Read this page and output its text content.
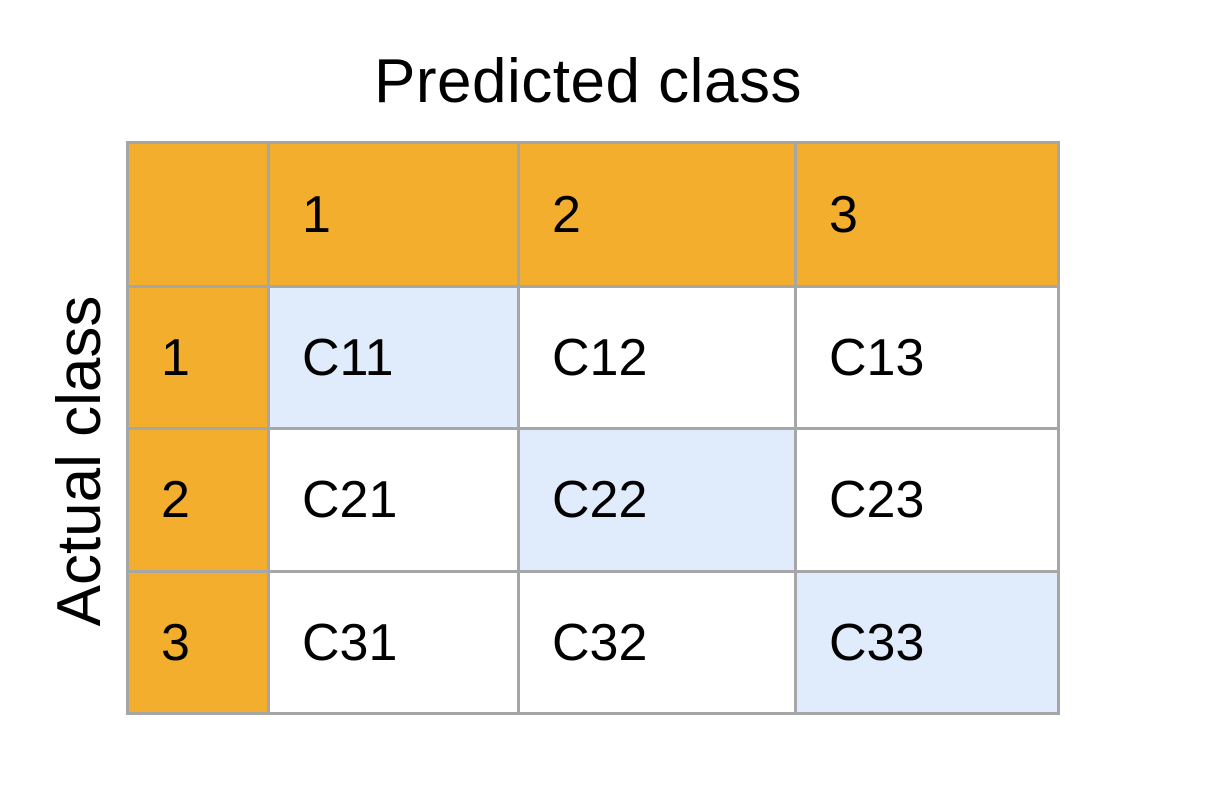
Predicted class
Actual class
	1	2	3
1	C11	C12	C13
2	C21	C22	C23
3	C31	C32	C33
